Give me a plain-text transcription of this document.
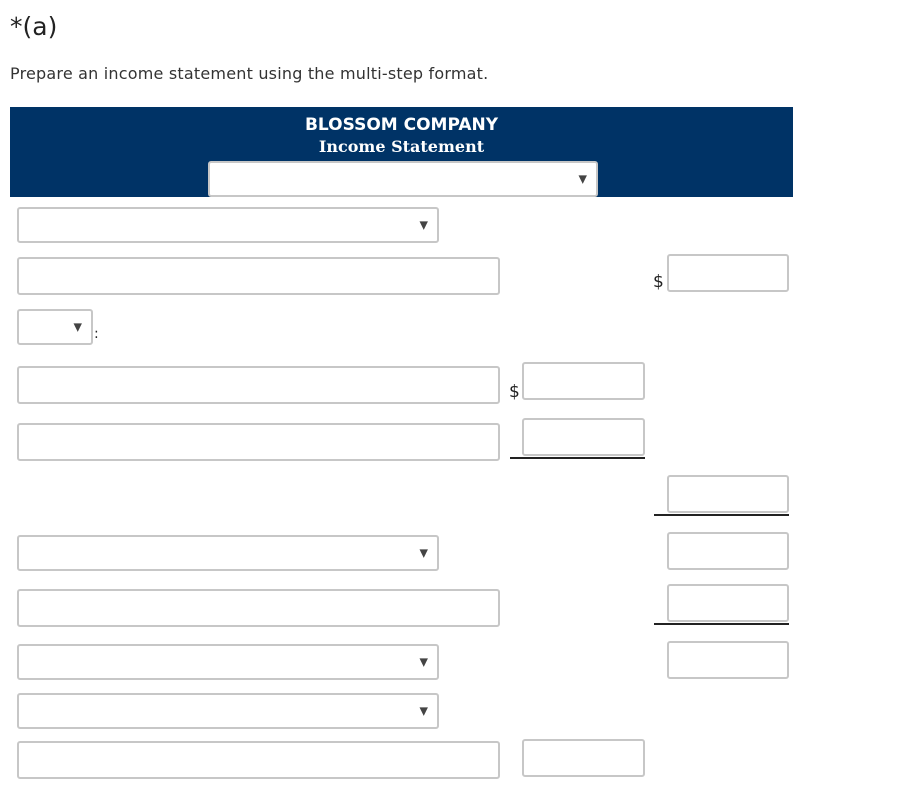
*(a)
Prepare an income statement using the multi-step format.
BLOSSOM COMPANY
Income Statement
▼
▼
$
▼
:
$
▼
▼
▼
